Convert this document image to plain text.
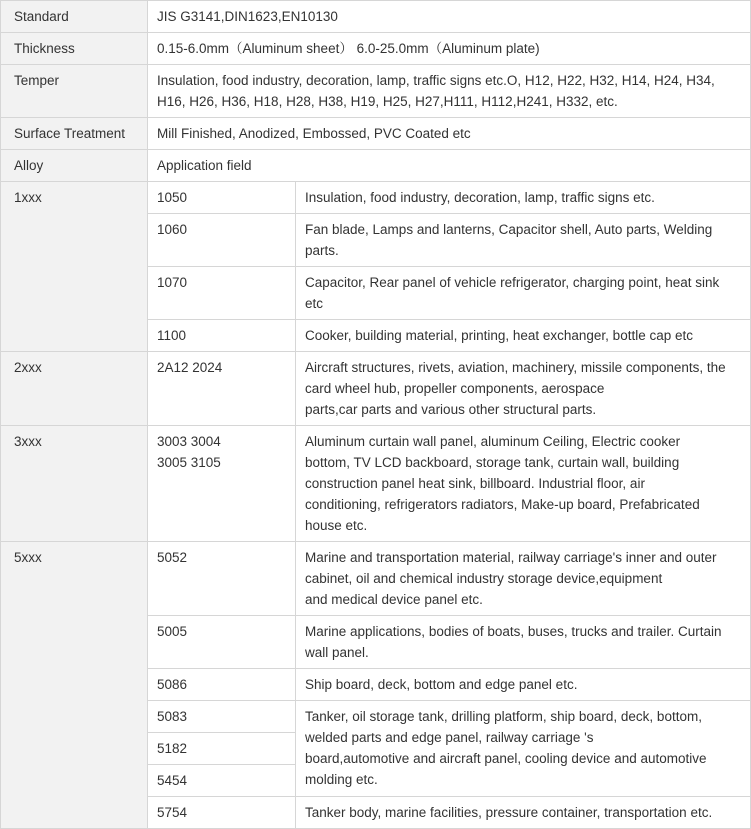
Standard	JIS G3141,DIN1623,EN10130	
Thickness	0.15-6.0mm（Aluminum sheet） 6.0-25.0mm（Aluminum plate)	
Temper	Insulation, food industry, decoration, lamp, traffic signs etc.O, H12, H22, H32, H14, H24, H34,
H16, H26, H36, H18, H28, H38, H19, H25, H27,H111, H112,H241, H332, etc.	

Surface Treatment	Mill Finished, Anodized, Embossed, PVC Coated etc	
Alloy	Application field	
1xxx	1050	Insulation, food industry, decoration, lamp, traffic signs etc.

	1060	Fan blade, Lamps and lanterns, Capacitor shell, Auto parts, Welding
parts.

	1070	Capacitor, Rear panel of vehicle refrigerator, charging point, heat sink
etc

	1100	Cooker, building material, printing, heat exchanger, bottle cap etc

2xxx	2A12 2024	Aircraft structures, rivets, aviation, machinery, missile components, the
card wheel hub, propeller components, aerospace
parts,car parts and various other structural parts.

3xxx	3003 3004
3005 3105	Aluminum curtain wall panel, aluminum Ceiling, Electric cooker
bottom, TV LCD backboard, storage tank, curtain wall, building
construction panel heat sink, billboard. Industrial floor, air
conditioning, refrigerators radiators, Make-up board, Prefabricated
house etc.

5xxx	5052	Marine and transportation material, railway carriage's inner and outer
cabinet, oil and chemical industry storage device,equipment
and medical device panel etc.

	5005	Marine applications, bodies of boats, buses, trucks and trailer. Curtain
wall panel.

	5086	Ship board, deck, bottom and edge panel etc.

	5083	Tanker, oil storage tank, drilling platform, ship board, deck, bottom,
welded parts and edge panel, railway carriage 's
board,automotive and aircraft panel, cooling device and automotive
molding etc.

	5182	
	5454	
	5754	Tanker body, marine facilities, pressure container, transportation etc.
